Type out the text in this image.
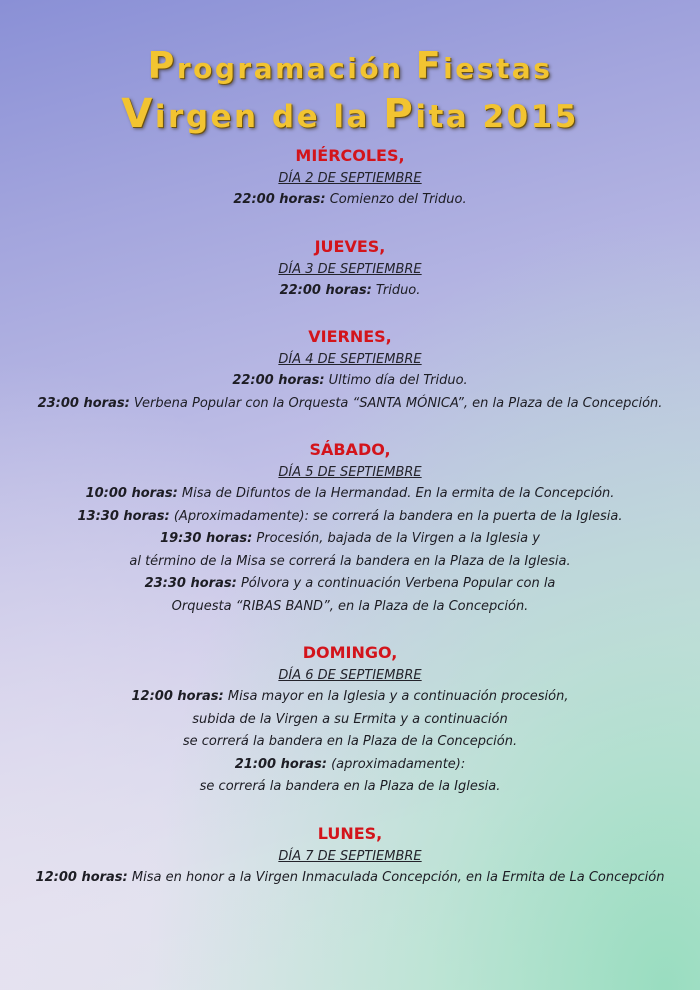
Programación Fiestas
Virgen de la Pita 2015

MIÉRCOLES,

DÍA 2 DE SEPTIEMBRE

22:00 horas: Comienzo del Triduo.

JUEVES,

DÍA 3 DE SEPTIEMBRE

22:00 horas: Triduo.

VIERNES,

DÍA 4 DE SEPTIEMBRE

22:00 horas: Ultimo día del Triduo.

23:00 horas: Verbena Popular con la Orquesta “SANTA MÓNICA”, en la Plaza de la Concepción.

SÁBADO,

DÍA 5 DE SEPTIEMBRE

10:00 horas: Misa de Difuntos de la Hermandad. En la ermita de la Concepción.

13:30 horas: (Aproximadamente): se correrá la bandera en la puerta de la Iglesia.

19:30 horas: Procesión, bajada de la Virgen a la Iglesia y

al término de la Misa se correrá la bandera en la Plaza de la Iglesia.

23:30 horas: Pólvora y a continuación Verbena Popular con la

Orquesta “RIBAS BAND”, en la Plaza de la Concepción.

DOMINGO,

DÍA 6 DE SEPTIEMBRE

12:00 horas: Misa mayor en la Iglesia y a continuación procesión,

subida de la Virgen a su Ermita y a continuación

se correrá la bandera en la Plaza de la Concepción.

21:00 horas: (aproximadamente):

se correrá la bandera en la Plaza de la Iglesia.

LUNES,

DÍA 7 DE SEPTIEMBRE

12:00 horas: Misa en honor a la Virgen Inmaculada Concepción, en la Ermita de La Concepción
